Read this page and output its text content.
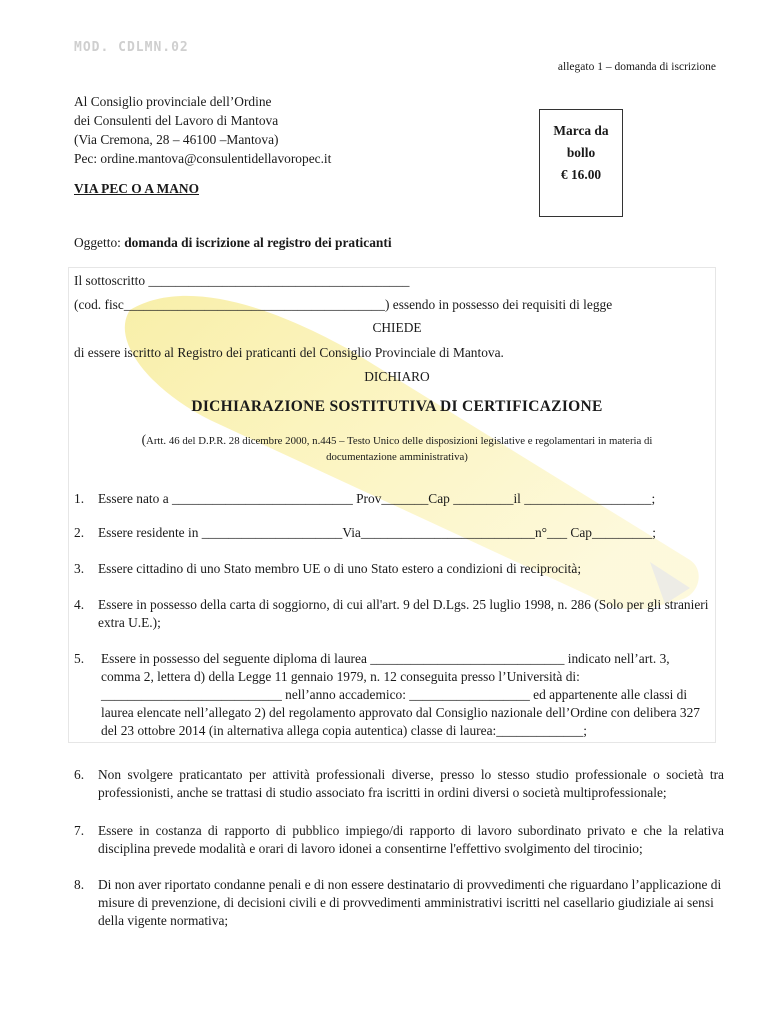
MOD. CDLMN.02
allegato 1 – domanda di iscrizione
Al Consiglio provinciale dell’Ordine
dei Consulenti del Lavoro di Mantova
(Via Cremona, 28 – 46100 –Mantova)
Pec: ordine.mantova@consulentidellavoropec.it
Marca da
bollo
€ 16.00
VIA PEC O A MANO
Oggetto: domanda di iscrizione al registro dei praticanti
Il sottoscritto _______________________________________
(cod. fisc_______________________________________) essendo in possesso dei requisiti di legge
CHIEDE
di essere iscritto al Registro dei praticanti del Consiglio Provinciale di Mantova.
DICHIARO
DICHIARAZIONE SOSTITUTIVA DI CERTIFICAZIONE
(Artt. 46 del D.P.R. 28 dicembre 2000, n.445 – Testo Unico delle disposizioni legislative e regolamentari in materia di
documentazione amministrativa)
1. Essere nato a ___________________________ Prov_______Cap _________il ___________________;
2. Essere residente in _____________________Via__________________________n°___ Cap_________;
3. Essere cittadino di uno Stato membro UE o di uno Stato estero a condizioni di reciprocità;
4. Essere in possesso della carta di soggiorno, di cui all'art. 9 del D.Lgs. 25 luglio 1998, n. 286 (Solo per gli stranieri extra U.E.);
5. Essere in possesso del seguente diploma di laurea _____________________________ indicato nell’art. 3, comma 2, lettera d) della Legge 11 gennaio 1979, n. 12 conseguita presso l’Università di: ___________________________ nell’anno accademico: __________________ ed appartenente alle classi di laurea elencate nell’allegato 2) del regolamento approvato dal Consiglio nazionale dell’Ordine con delibera 327 del 23 ottobre 2014 (in alternativa allega copia autentica) classe di laurea:_____________;
6. Non svolgere praticantato per attività professionali diverse, presso lo stesso studio professionale o società tra professionisti, anche se trattasi di studio associato fra iscritti in ordini diversi o società multiprofessionale;
7. Essere in costanza di rapporto di pubblico impiego/di rapporto di lavoro subordinato privato e che la relativa disciplina prevede modalità e orari di lavoro idonei a consentirne l'effettivo svolgimento del tirocinio;
8. Di non aver riportato condanne penali e di non essere destinatario di provvedimenti che riguardano l’applicazione di misure di prevenzione, di decisioni civili e di provvedimenti amministrativi iscritti nel casellario giudiziale ai sensi della vigente normativa;
